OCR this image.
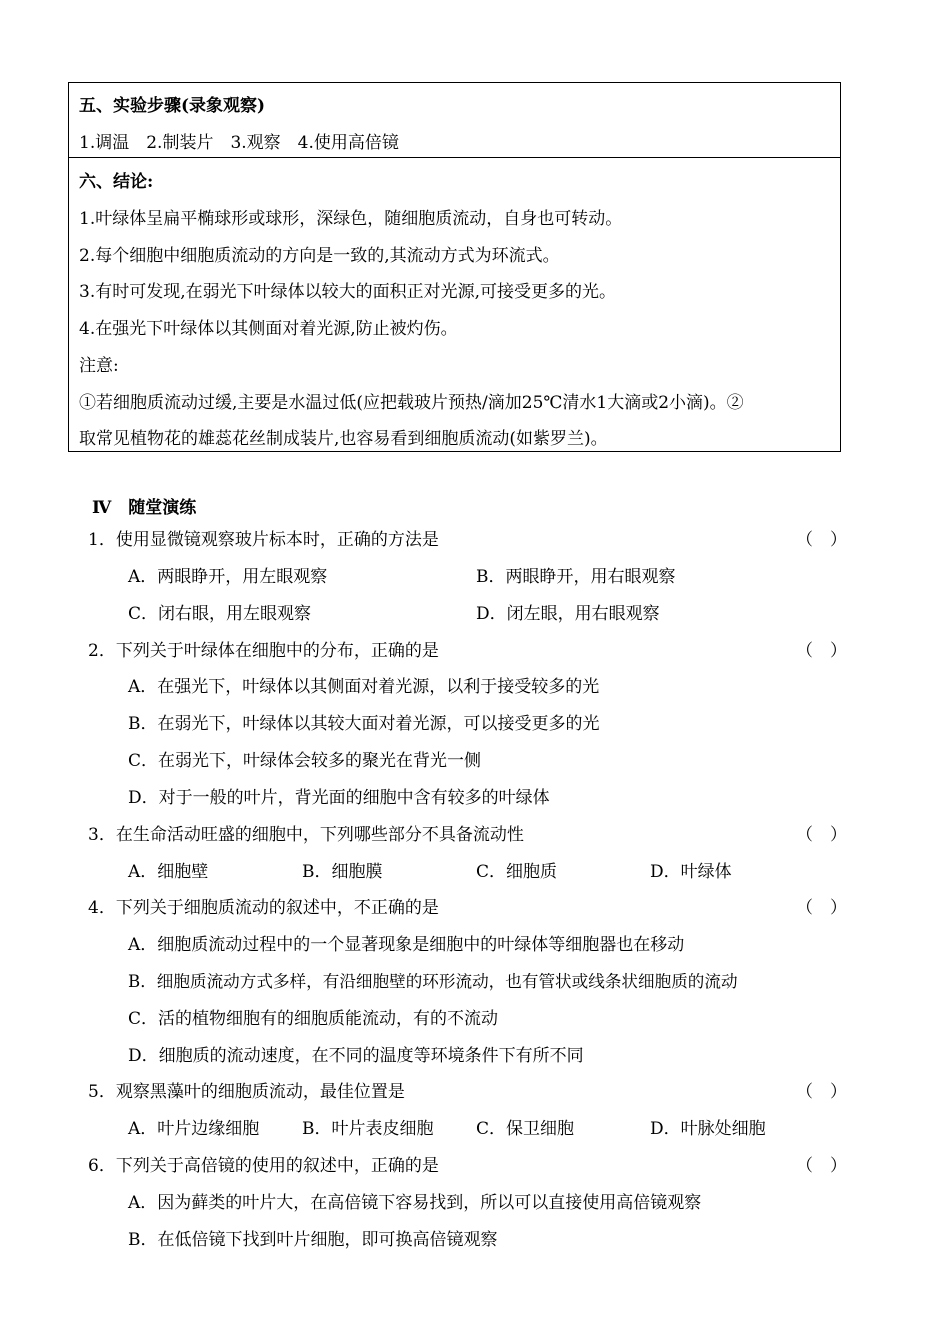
五、实验步骤(录象观察)
1.调温　2.制装片　3.观察　4.使用高倍镜
六、结论:
1.叶绿体呈扁平椭球形或球形，深绿色，随细胞质流动，自身也可转动。
2.每个细胞中细胞质流动的方向是一致的,其流动方式为环流式。
3.有时可发现,在弱光下叶绿体以较大的面积正对光源,可接受更多的光。
4.在强光下叶绿体以其侧面对着光源,防止被灼伤。
注意:
①若细胞质流动过缓,主要是水温过低(应把载玻片预热/滴加25℃清水1大滴或2小滴)。②
取常见植物花的雄蕊花丝制成装片,也容易看到细胞质流动(如紫罗兰)。
Ⅳ　随堂演练
1．使用显微镜观察玻片标本时，正确的方法是	（　）
A．两眼睁开，用左眼观察	B．两眼睁开，用右眼观察
C．闭右眼，用左眼观察	D．闭左眼，用右眼观察
2．下列关于叶绿体在细胞中的分布，正确的是	（　）
A．在强光下，叶绿体以其侧面对着光源，以利于接受较多的光
B．在弱光下，叶绿体以其较大面对着光源，可以接受更多的光
C．在弱光下，叶绿体会较多的聚光在背光一侧
D．对于一般的叶片，背光面的细胞中含有较多的叶绿体
3．在生命活动旺盛的细胞中，下列哪些部分不具备流动性	（　）
A．细胞壁	B．细胞膜	C．细胞质	D．叶绿体
4．下列关于细胞质流动的叙述中，不正确的是	（　）
A．细胞质流动过程中的一个显著现象是细胞中的叶绿体等细胞器也在移动
B．细胞质流动方式多样，有沿细胞壁的环形流动，也有管状或线条状细胞质的流动
C．活的植物细胞有的细胞质能流动，有的不流动
D．细胞质的流动速度，在不同的温度等环境条件下有所不同
5．观察黑藻叶的细胞质流动，最佳位置是	（　）
A．叶片边缘细胞	B．叶片表皮细胞	C．保卫细胞	D．叶脉处细胞
6．下列关于高倍镜的使用的叙述中，正确的是	（　）
A．因为藓类的叶片大，在高倍镜下容易找到，所以可以直接使用高倍镜观察
B．在低倍镜下找到叶片细胞，即可换高倍镜观察
